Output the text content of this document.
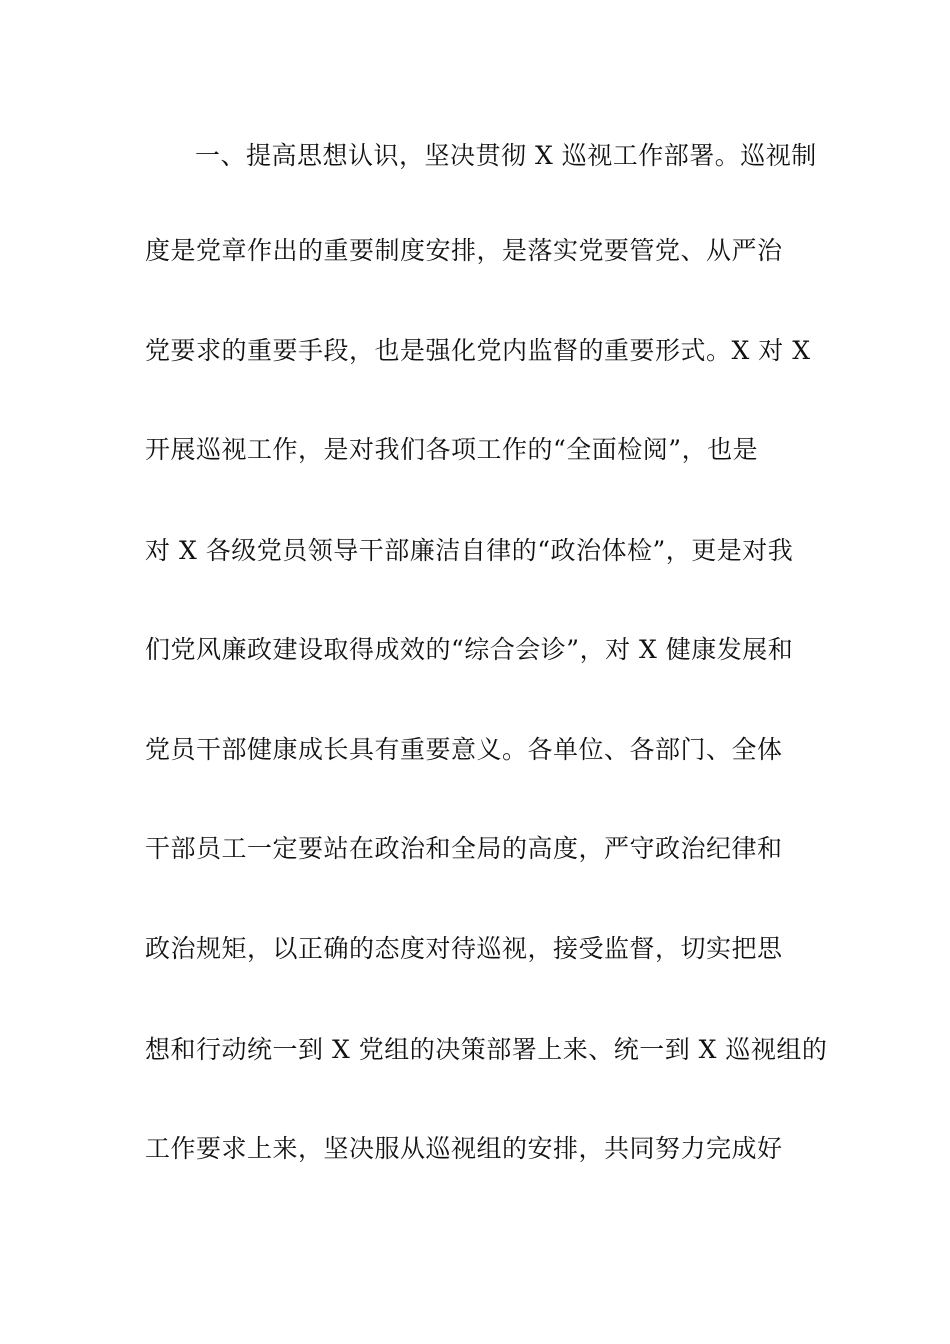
一、提高思想认识，坚决贯彻 X 巡视工作部署。巡视制
度是党章作出的重要制度安排，是落实党要管党、从严治
党要求的重要手段，也是强化党内监督的重要形式。X 对 X
开展巡视工作，是对我们各项工作的“全面检阅”，也是
对 X 各级党员领导干部廉洁自律的“政治体检”，更是对我
们党风廉政建设取得成效的“综合会诊”，对 X 健康发展和
党员干部健康成长具有重要意义。各单位、各部门、全体
干部员工一定要站在政治和全局的高度，严守政治纪律和
政治规矩，以正确的态度对待巡视，接受监督，切实把思
想和行动统一到 X 党组的决策部署上来、统一到 X 巡视组的
工作要求上来，坚决服从巡视组的安排，共同努力完成好
